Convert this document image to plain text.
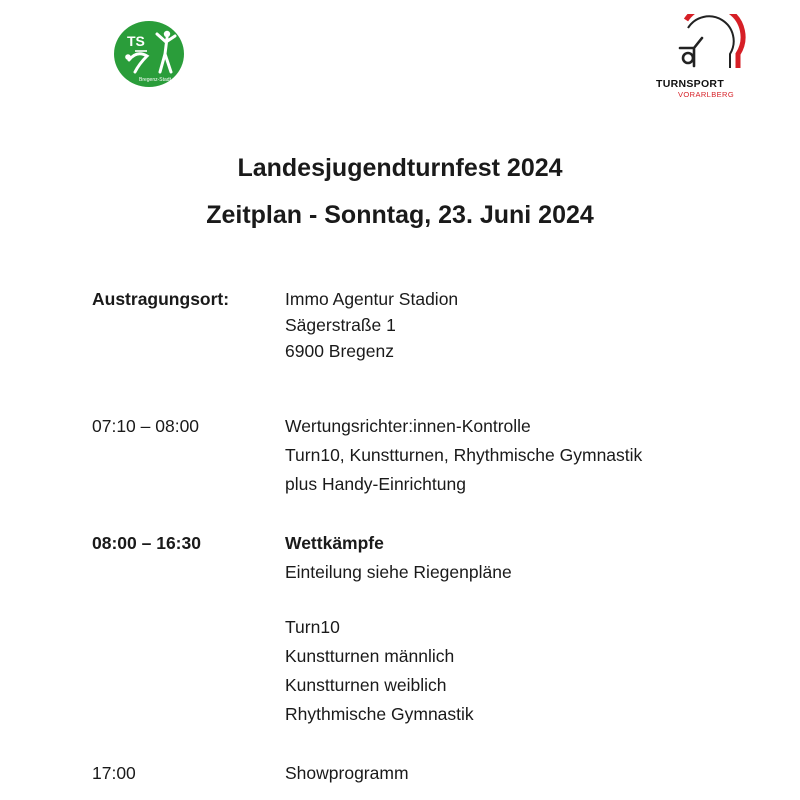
TS
Bregenz-Stadt	TURNSPORT
VORARLBERG
Landesjugendturnfest 2024
Zeitplan - Sonntag, 23. Juni 2024
Austragungsort:	Immo Agentur Stadion
Sägerstraße 1
6900 Bregenz
07:10 – 08:00	Wertungsrichter:innen-Kontrolle
Turn10, Kunstturnen, Rhythmische Gymnastik
plus Handy-Einrichtung
08:00 – 16:30	Wettkämpfe
Einteilung siehe Riegenpläne
Turn10
Kunstturnen männlich
Kunstturnen weiblich
Rhythmische Gymnastik
17:00	Showprogramm
